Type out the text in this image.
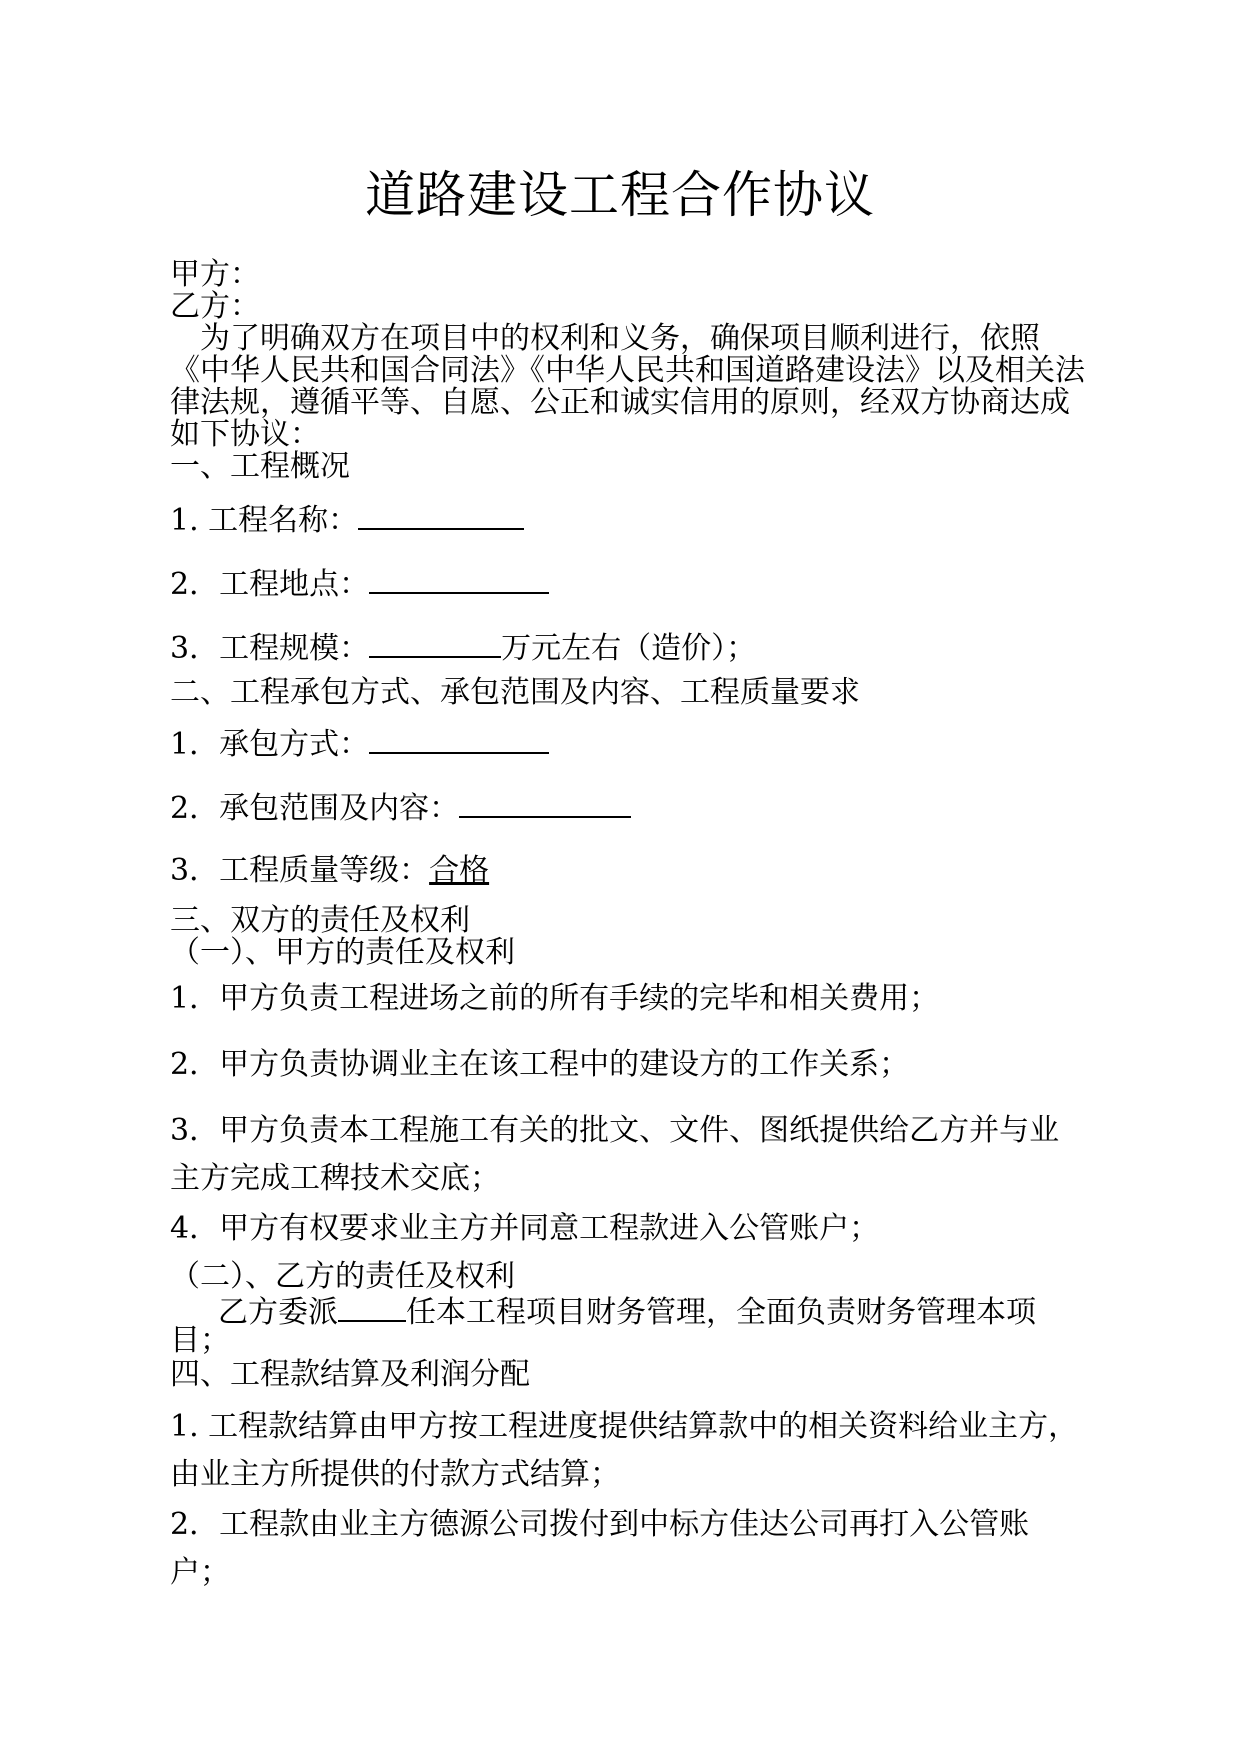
道路建设工程合作协议
甲方：
乙方：
为了明确双方在项目中的权利和义务，确保项目顺利进行，依照
《中华人民共和国合同法》《中华人民共和国道路建设法》以及相关法
律法规，遵循平等、自愿、公正和诚实信用的原则，经双方协商达成
如下协议：
一、工程概况
1. 工程名称：
2．工程地点：
3．工程规模：	万元左右（造价）；
二、工程承包方式、承包范围及内容、工程质量要求
1．承包方式：
2．承包范围及内容：
3．工程质量等级：合格
三、双方的责任及权利
（一）、甲方的责任及权利
1．甲方负责工程进场之前的所有手续的完毕和相关费用；
2．甲方负责协调业主在该工程中的建设方的工作关系；
3．甲方负责本工程施工有关的批文、文件、图纸提供给乙方并与业
主方完成工稗技术交底；
4．甲方有权要求业主方并同意工程款进入公管账户；
（二）、乙方的责任及权利
乙方委派 任本工程项目财务管理，全面负责财务管理本项
目；
四、工程款结算及利润分配
1. 工程款结算由甲方按工程进度提供结算款中的相关资料给业主方，
由业主方所提供的付款方式结算；
2．工程款由业主方德源公司拨付到中标方佳达公司再打入公管账
户；
